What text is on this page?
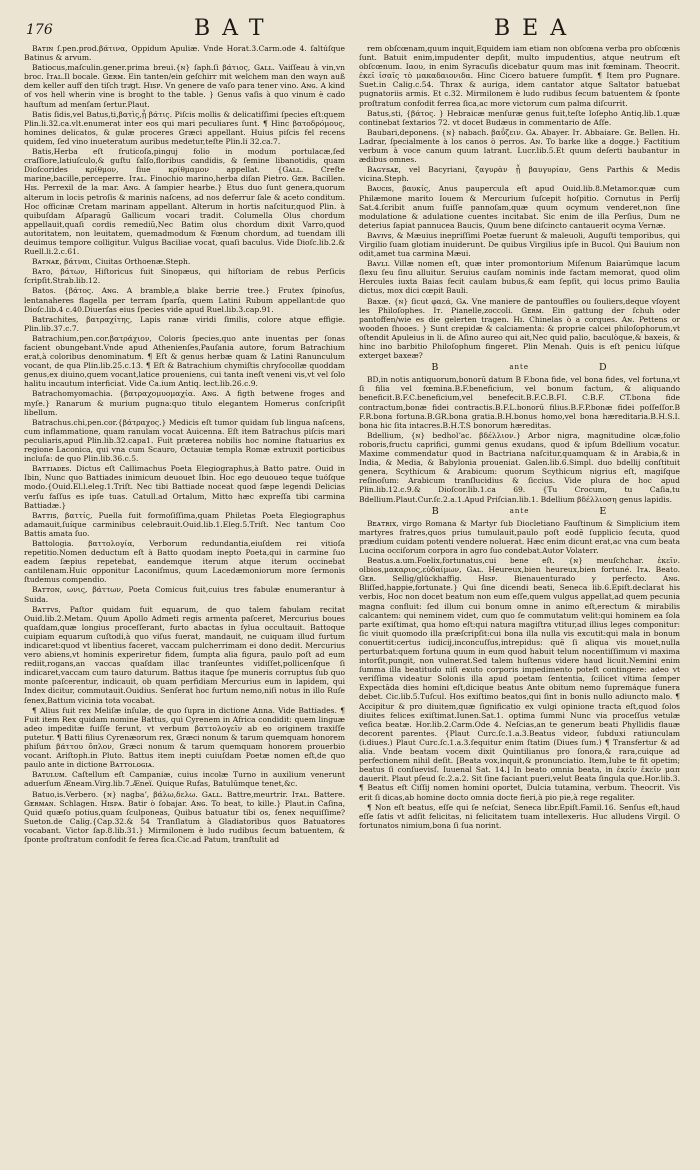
176	BAT	BEA

Bᴀᴛɪɴ ſ.pen.prod.βάτινα, Oppidum Apuliæ. Vnde Horat.3.Carm.ode 4. ſaltúſque Batinus & arvum.

Batiocus,maſculin.gener.prima breui.{ɴ} ſaph.ſi βάτιος, Gᴀʟʟ. Vaiſſeau à vin,vn broc. Iᴛᴀʟ.Il bocale. Gᴇʀᴍ. Ein tanten/ein geſchirr mit welchem man den wayn auß dem keller auff den tiſch traͤgt. Hɪꜱᴘ. Vn genere de vaſo para tener vino. Aɴɢ. A kind of vos hell wherin vine is broght to the table. } Genus vaſis à quo vinum è cado hauſtum ad menſam ſertur.Plaut.

Batis ſidis,vel Batus,ti,βατὶς,ᾗ βάτις. Piſcis mollis & delicatiſſimi ſpecies eſt:quem Plin.li.32.ca.vlt.enumerat inter eos qui mari peculiares ſunt. ¶ Hinc βατοδρόμους, homines delicatos, & gulæ proceres Græci appellant. Huius piſcis fel recens quidem, ſed vino inueteratum auribus medetur,teſte Plin.li 32.ca.7.

Batis,Herba eſt fruticoſa,pinguj folio in modum portulacæ,ſed craſſiore,latiuſculo,& guſtu ſalſo,floribus candidis, & ſemine libanotidis, quam Dioſcorides κρίθμον, ſiue κρίθμαμον appellat. {Gᴀʟʟ. Creſte marine,bacille,perceperre. Iᴛᴀʟ. Finochio marino,herba diſan Pietro. Gᴇʀ. Bacillen. Hɪꜱ. Perrexil de la mar. Aɴɢ. A ſampier hearbe.} Etus duo ſunt genera,quorum alterum in locis petroſis & marinis naſcens, ad nos deferrur ſale & aceto conditum. Hoc officinæ Cretam marinam appellant. Alterum in hortis naſcitur,quod Plin. à quibuſdam Aſparagū Gallicum vocari tradit. Columella Olus chordum appellauit,quaſi cordis remediŭ,Nec Batim olus chordum dixit Varro,quod autoritatem, non leuitatem, quemadmodum & Fœnum chordum, ad tuendam illi deuimus tempore colligitur. Vulgus Baciliae vocat, quaſi baculus. Vide Dioſc.lib.2.& Ruell.li.2.c.61.

Bᴀᴛɴᴀᴇ, βάτναι, Ciuitas Orthoenæ.Steph.

Bᴀᴛᴏ, βάτων, Hiſtoricus fuit Sinopæus, qui hiſtoriam de rebus Perſicis ſcripſit.Strab.lib.12.

Batos. {βάτος. Aɴɢ. A bramble,a blake berrie tree.} Frutex ſpinoſus, lentanaheres flagella per terram ſparſa, quem Latini Rubum appellant:de quo Dioſc.lib.4 c.40.Diuerſas eius ſpecies vide apud Ruel.lib.3.cap.91.

Batrachites, βατραχίτης, Lapis ranæ viridi ſimilis, colore atque effigie. Plin.lib.37.c.7.

Batrachium,pen.cor.βατράχιον, Coloris ſpecies,quo ante inuentas per ſonas facient obungebant.Vnde apud Athenienſes,Pauſania autore, forum Batrachium erat,à coloribus denominatum. ¶ Eſt & genus herbæ quam & Latini Ranunculum vocant, de qua Plin.lib.25.c.13. ¶ Eſt & Batrachium chymiſtis chryſocollæ quoddam genus,ex diuino,quem vocant,latice proueniens, cui tanta ineſt veneni vis,vt vel ſolo halitu incautum interficiat. Vide Ca.ium Antiq. lect.lib.26.c.9.

Batrachomyomachia. {βατραχομυομαχία. Aɴɢ. A figth betwene froges and myſe.} Ranarum & murium pugna:quo titulo elegantem Homerus conſcripſit libellum.

Batrachus.chi,pen.cor.{βάτραχος.} Medicis eſt tumor quidam ſub lingua naſcens, cum inflammatione, quam ranulam vocat Auicenna. Eſt item Batrachus piſcis mari peculiaris,apud Plin.lib.32.capa1. Fuit præterea nobilis hoc nomine ſtatuarius ex regione Laconica, qui vna cum Scauro, Octauiæ templa Romæ extruxit porticibus incluſa: de quo Plin.lib.36.c.5.

Bᴀᴛᴛɪᴀᴅᴇꜱ. Dictus eſt Callimachus Poeta Elegiographus,à Batto patre. Ouid in Ibin, Nunc quo Battiades inimicum deuouet Ibin. Hoc ego deuoueo teque tuóſque modo.{Ouid.El.l.eleg.1.Triſt. Nec tibi Battiade noceat quod ſæpe legendi Delicias verſu faſſus es ipſe tuas. Catull.ad Ortalum, Mitto hæc expreſſa tibi carmina Battiadæ.}

Bᴀᴛᴛɪꜱ, βαττίς, Puella fuit formoſiſſima,quam Philetas Poeta Elegiographus adamauit,ſuíque carminibus celebrauit.Ouid.lib.1.Eleg.5.Triſt. Nec tantum Coo Battis amata ſuo.

Battologia. βαττολογία, Verborum redundantia,eiuſdem rei vitioſa repetitio.Nomen deductum eſt à Batto quodam inepto Poeta,qui in carmine ſuo eadem ſæpius repetebat, eandemque iterum atque iterum occinebat cantilenam.Huic opponitur Laconiſmus, quum Lacedæmoniorum more ſermonis ſtudemus compendio.

Bᴀᴛᴛᴏɴ, ωνις, βάττων, Poeta Comicus fuit,cuius tres fabulæ enumerantur à Suida.

Bᴀᴛᴛᴠꜱ, Paſtor quidam fuit equarum, de quo talem fabulam recitat Ouid.lib.2.Metam. Quum Apollo Admeti regis armenta paſceret, Mercurius boues quaſdam,quæ longius proceſſerant, furto abactas in ſylua occultauit. Battoque cuipiam equarum cuſtodi,à quo viſus fuerat, mandauit, ne cuiquam illud furtum indicaret:quod vt libentius faceret, vaccam pulcherrimam ei dono dedit. Mercurius vero abiens,vt hominis experiretur fidem, ſumpta alia figura, paulo poſt ad eum rediit,rogans,an vaccas quaſdam illac tranſeuntes vidiſſet,pollicenſque ſi indicaret,vaccam cum tauro daturum. Battus itaque ſpe muneris corruptus ſub quo monte paſcerentur, indicauit, ob quam perfidiam Mercurius eum in lapidem, qui Index dicitur, commutauit.Ouidius. Senſerat hoc furtum nemo,niſi notus in illo Ruſe ſenex,Battum vicinia tota vocabat.

¶ Alius fuit rex Meliſæ inſulæ, de quo ſupra in dictione Anna. Vide Battiades. ¶ Fuit item Rex quidam nomine Battus, qui Cyrenem in Africa condidit: quem linguæ adeo impeditæ fuiſſe ferunt, vt verbum βαττολογεῖν ab eo originem traxiſſe putetur. ¶ Batti filius Cyrenæorum rex, Græci nonum & tarum quemquam honorem phiſum βάττου ὄπλον, Græci nonum & tarum quemquam honorem prouerbio vocant. Ariſtoph.in Pluto. Battus item inepti cuiuſdam Poetæ nomen eſt,de quo paulo ante in dictione Bᴀᴛᴛᴏʟᴏɢɪᴀ.

Bᴀᴛᴜʟᴜᴍ. Caſtellum eſt Campaniæ, cuius incolæ Turno in auxilium venerunt aduerſum Æneam.Virg.lib.7.Æneï. Quique Rufas, Batulūmque tenet,&c.

Batuo,is.Verbero. {ɴ} nagbaʼ, βάλω,δελω. Gᴀʟʟ. Battre,meurtrir. Iᴛᴀʟ. Battere. Gᴇʀᴍᴀɴ. Schlagen. Hɪꜱᴘᴀ. Batir ò ſobajar. Aɴɢ. To beat, to kille.} Plaut.in Caſina, Quid quæſo potius,quam ſculponeas, Quibus batuatur tibi os, ſenex nequiſſime? Sueton.de Calig.{Cap.32.& 54 Tranſlatum à Gladiatoribus quos Batuatores vocabant. Victor ſap.8.lib.31.} Mirmilonem è ludo rudibus ſecum batuentem, & ſponte proſtratum confodit ſe ferea ſica.Cic.ad Patum, tranſtulit ad

rem obſcœnam,quum inquit,Equidem iam etiam non obſcœna verba pro obſcœnis ſunt. Batuit enim,impudenter depſit, multo impudentius, atque neutrum eſt obſcœnum. Iαου, in enim Syracuſis dicebatur quum mas init fœminam. Theocrit. ἐκεῖ ἰσαῖς τὸ μακαδαιονιδα. Hinc Cicero batuere ſumpſit. ¶ Item pro Pugnare. Suet.in Calig.c.54. Thrax & auriga, idem cantator atque Saltator batuebat pugnatoriis armis. Et c.32. Mirmilonem è ludo rudibus ſecum batuentem & ſponte proſtratum confodit ferrea ſica,ac more victorum cum palma diſcurrit.

Batus,sti, {βάτος. } Hebraicæ menſuræ genus fuit,teſte Ioſepho Antiq.lib.1.quæ continebat ſextarios 72. vt docet Budæus in commentario de Aſſe.

Baubari,deponens. {ɴ} nabach. βαΰζειν. Gᴀ. Abayer. Iᴛ. Abbaiare. Gᴇ. Bellen. Hɪ. Ladrar, ſpecialmente à los canos ò perros. Aɴ. To barke like a dogge.} Factitium verbum à voce canum quum latrant. Lucr.lib.5.Et quum deſerti baubantur in ædibus omnes.

Bᴀɢʏꜱᴀᴇ, vel Bacyriani, ζαγυρὰν ᾗ βαυγυρίαν, Gens Parthis & Medis vicina.Steph.

Bᴀᴜᴄɪꜱ, βαυκίς, Anus paupercula eſt apud Ouid.lib.8.Metamor.quæ cum Philæmone marito Iouem & Mercurium ſuſcepit hoſpitio. Cornutus in Perſij Sat.4.ſcribit anum fuiſſe pannoſam,quæ quum ocymum venderet,non ſine modulatione & adulatione cuentes incitabat. Sic enim de illa Perſius, Dum ne deterius ſapiat pannucea Baucis, Quum bene diſcincto cantauerit ocyma Vernæ.

Bᴀᴠɪᴠꜱ, & Mæuius inepriſſimi Poetæ fuerunt & maleuoli, Auguſti temporibus, qui Virgilio ſuam glotiam inuiderunt. De quibus Virgilius ipſe in Bucol. Qui Bauium non odit,amet tua carmina Mæui.

Bᴀᴠʟɪ. Villæ nomen eſt, quæ inter promontorium Miſenum Baiarūmque lacum ſlexu ſeu ſinu alluitur. Seruius cauſam nominis inde factam memorat, quod olim Hercules iuxta Baias fecit caulam bubus,& eam ſepſit, qui locus primo Baulia dictus, mox dici cœpit Bauli.

Baxæ. {ɴ} ſicut φαεά, Gᴀ. Vne maniere de pantouffles ou ſouliers,deque vſoyent les Philoſophes. Iᴛ. Pianelle,zoccoli. Gᴇʀᴍ. Ein gattung der ſchuh oder pantoffen/wie es die gelerten tragen. Hɪ. Chinelas ò a corques. Aɴ. Pettens or wooden ſhooes. } Sunt crepidæ & calciamenta: & proprie calcei philoſophorum,vt oſtendit Apuleius in li. de Aſino aureo qui ait,Nec quid palio, baculòque,& baxeis, & hinc ino barbitio Philoſophum fingeret. Plin Menah. Quis is eſt penicu lúſque exterget baxeæ?

B	ante	D

BD,in notis antiquorum,bonorū datum B F.bona fide, vel bona fides, vel fortuna,vt ſi filia vel fœmina.B.F.beneficium, vel bonum factum, & aliquando beneficit.B.F.C.beneficium,vel benefecit.B.F.C.B.FI. C.B.F. CT.bona fide contractum,bonæ fidei contractis.B.F.L.bonorū filius.B.F.P.bonæ fidei poſſeſſor.B F.R.bona fortuna.B.GR.bona gratia.B.H.bonus homo,vel bona hæreditaria.B.H.S.I. bona hic ſita intacres.B.H.T.S bonorum hæreditas.

Bdellium, {ɴ} bedholʼac. βδέλλιον.} Arbor nigra, magnitudine olcæ,folio roboris,fructu caprifici, gummi genus exudans, quod & ipſum Bdellium vocatur. Maxime commendatur quod in Bactriana naſcitur,quamquam & in Arabia,& in India, & Media, & Babylonia proueniat. Galen.lib.6.Simpl. duo bdellij conſtituit genera, Scythicum & Arabicum: quorum Scythicum nigrius eſt, magiſque reſinoſum: Arabicum tranſlucidius & ſiccius. Vide plura de hoc apud Plin.lib.12.c.9.& Dioſcor.lib.1.ca 69. {Tu Crocum, tu Caſia,tu Bdellium.Plaut.Cur.ſc.2.a.1.Apud Priſcian.lib.1. Bdellium βδέλλιοση genus lapidis.

B	ante	E

Bᴇᴀᴛʀɪx, virgo Romana & Martyr ſub Diocletiano Fauſtinum & Simplicium item martyres fratres,quos prius tumulauit,paulo poſt eodē ſupplicio ſecuta, quod prædium cuidam potenti vendere noluerat. Hæc enim dicunt erat,ac vna cum beata Lucina occiſorum corpora in agro ſuo condebat.Autor Volaterr.

Beatus.a.um.Foelix,fortunatus,cui bene eſt. {ɴ} meuſchchar. ἐκεῖν. olbios,μακαριος,εὐδαίμων, Gᴀʟ. Heureux,bien heureux,bien fortuné. Iᴛᴀ. Beato. Gᴇʀ. Sellig/glückhaffig. Hɪꜱᴘ. Bienauenturado y perfecto. Aɴɢ. Bliſſed,happie,fortunate.} Qui ſine dicendi beati, Seneca lib.6.Epiſt.declarat his verbis, Hoc non docet beatum non eum eſſe,quem vulgus appellat,ad quem pecunia magna confluit: ſed illum cui bonum omne in animo eſt,erectum & mirabilis calcantem: qui neminem videt, cum quo ſe commutatum velit:qui hominem ea ſola parte exiſtimat, qua homo eſt:qui natura magiſtra vtitur,ad illius leges componitur: ſic viuit quomodo illa præſcripſit:cui bona illa nulla vis excutit:qui mala in bonum conuertit:certus iudicij,inconcuſſus,intrepidus: quē ſi aliqua vis mouet,nulla perturbat:quem fortuna quum in eum quod habuit telum nocentiſſimum vi maxima intorſit,pungit, non vulnerat.Sed talem huſtenus videre haud licuit.Nemini enim ſumma illa beatitudo niſi exuto corporis impedimento poteſt contingere: adeo vt veriſſima videatur Solonis illa apud poetam ſententia, ſcilicet vltima ſemper Expectāda dies homini eſt,dicique beatus Ante obitum nemo ſupremáque funera debet. Cic.lib.5.Tuſcul. Hos exiſtimo beatos,qui ſint in bonis nullo adiuncto malo. ¶ Accipitur & pro diuitem,quæ ſignificatio ex vulgi opinione tracta eſt,quod ſolos diuites felices exiſtimat.Iunen.Sat.1. optima ſummi Nunc via proceſſus vetulæ veſica beatæ. Hor.lib.2.Carm.Ode 4. Neſcias,an te generum beati Phyllidis flauæ decorent parentes. {Plaut Curc.ſc.1.a.3.Beatus videor, ſubduxi ratiunculam (i.diues.) Plaut Curc.ſc.1.a.3.ſequitur enim ſtatim (Diues ſum.) ¶ Transfertur & ad alia. Vnde beatam vocem dixit Quintilianus pro ſonora,& rara,cuique ad perfectionem nihil deſit. [Beata vox,inquit,& pronunciatio. Item,Iube te fit opetim; beatus ſi conſuevisſ. Iuuenal Sat. 14.] In beato omnia beata, in ἐκεῖν ἐκεῖν μαπ dauerit. Plaut pſeud ſc.2.a.2. Sit ſine faciant pueri,velut Beata ſingula que.Hor.lib.3. ¶ Beatus eſt Ciſſij nomen homini oportet, Dulcia tutamina, verbum. Theocrit. Vis erit ſi dicas,ab homine docto omnia docte fieri,à pio pie,à rege regaliter.

¶ Non eſt beatus, eſſe qui ſe neſciat, Seneca libr.Epiſt.Famil.16. Senſus eſt,haud eſſe ſatis vt adſit felicitas, ni felicitatem tuam intellexeris. Huc alludens Virgil. O fortunatos nimium,bona ſi ſua norint.
